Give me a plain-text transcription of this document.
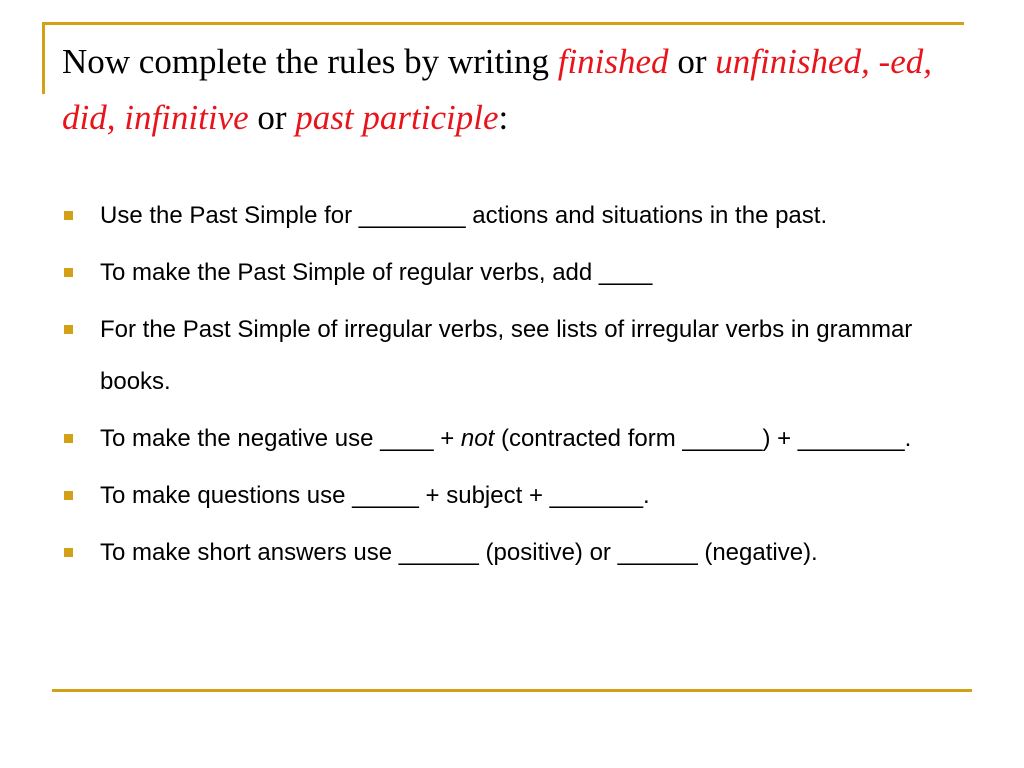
Now complete the rules by writing finished or unfinished, -ed, did, infinitive or past participle:
Use the Past Simple for ________ actions and situations in the past.
To make the Past Simple of regular verbs, add ____
For the Past Simple of irregular verbs, see lists of irregular verbs in grammar books.
To make the negative use ____ + not (contracted form ______) + ________.
To make questions use _____ + subject + _______.
To make short answers use ______ (positive) or ______ (negative).
